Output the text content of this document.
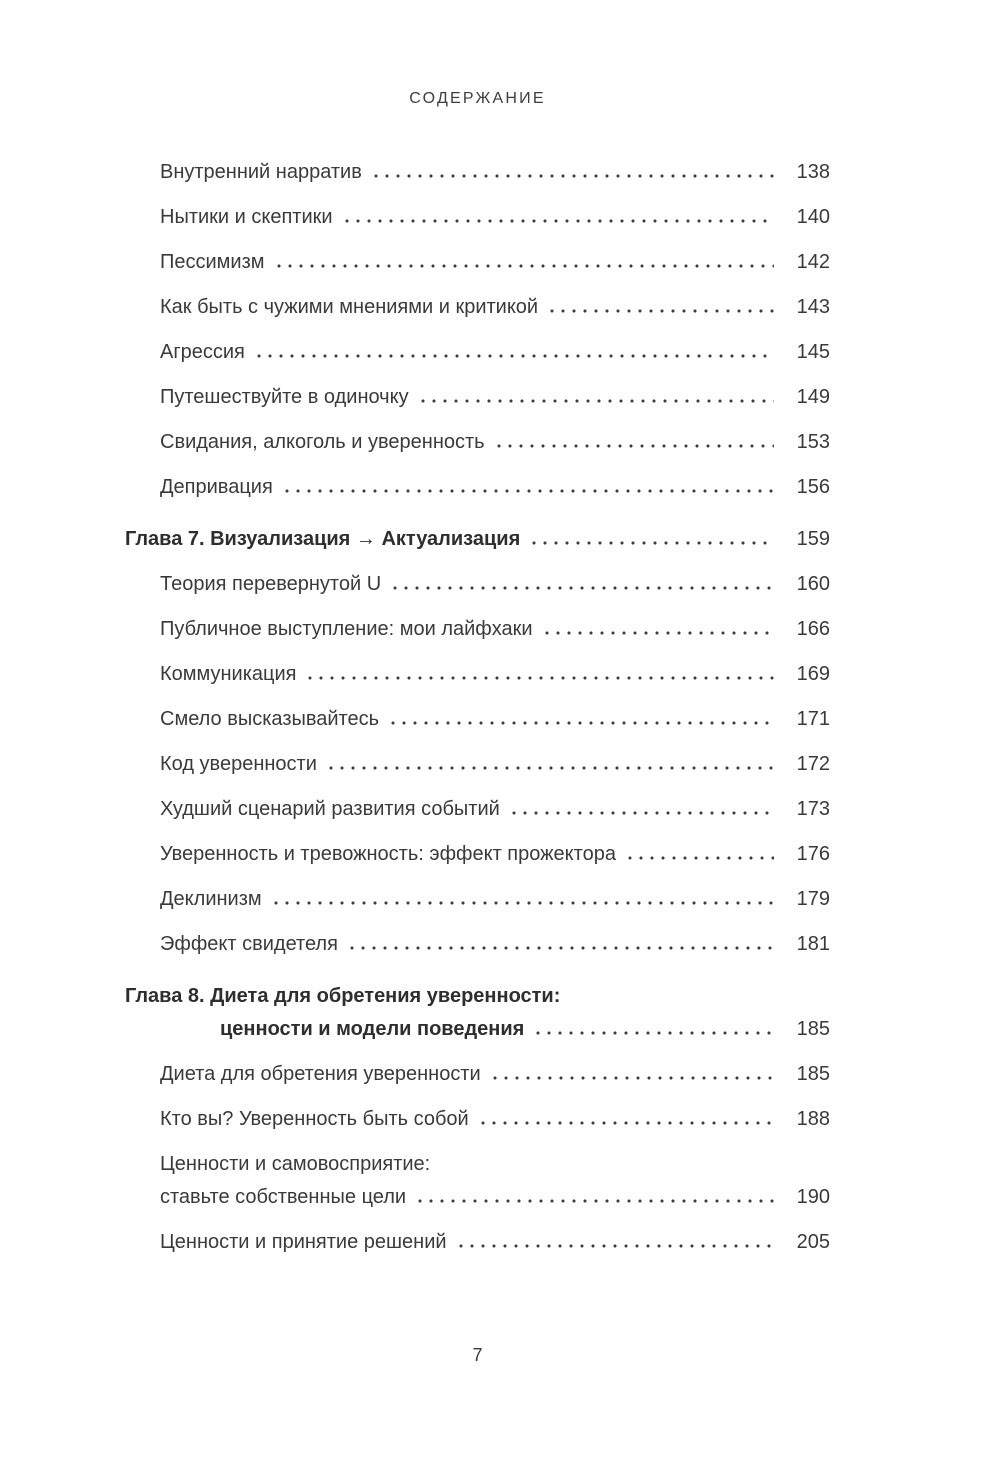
СОДЕРЖАНИЕ
Внутренний нарратив	138
Нытики и скептики	140
Пессимизм	142
Как быть с чужими мнениями и критикой	143
Агрессия	145
Путешествуйте в одиночку	149
Свидания, алкоголь и уверенность	153
Депривация	156
Глава 7. Визуализация → Актуализация	159
Теория перевернутой U	160
Публичное выступление: мои лайфхаки	166
Коммуникация	169
Смело высказывайтесь	171
Код уверенности	172
Худший сценарий развития событий	173
Уверенность и тревожность: эффект прожектора	176
Деклинизм	179
Эффект свидетеля	181
Глава 8. Диета для обретения уверенности:
ценности и модели поведения	185
Диета для обретения уверенности	185
Кто вы? Уверенность быть собой	188
Ценности и самовосприятие:
ставьте собственные цели	190
Ценности и принятие решений	205
7
